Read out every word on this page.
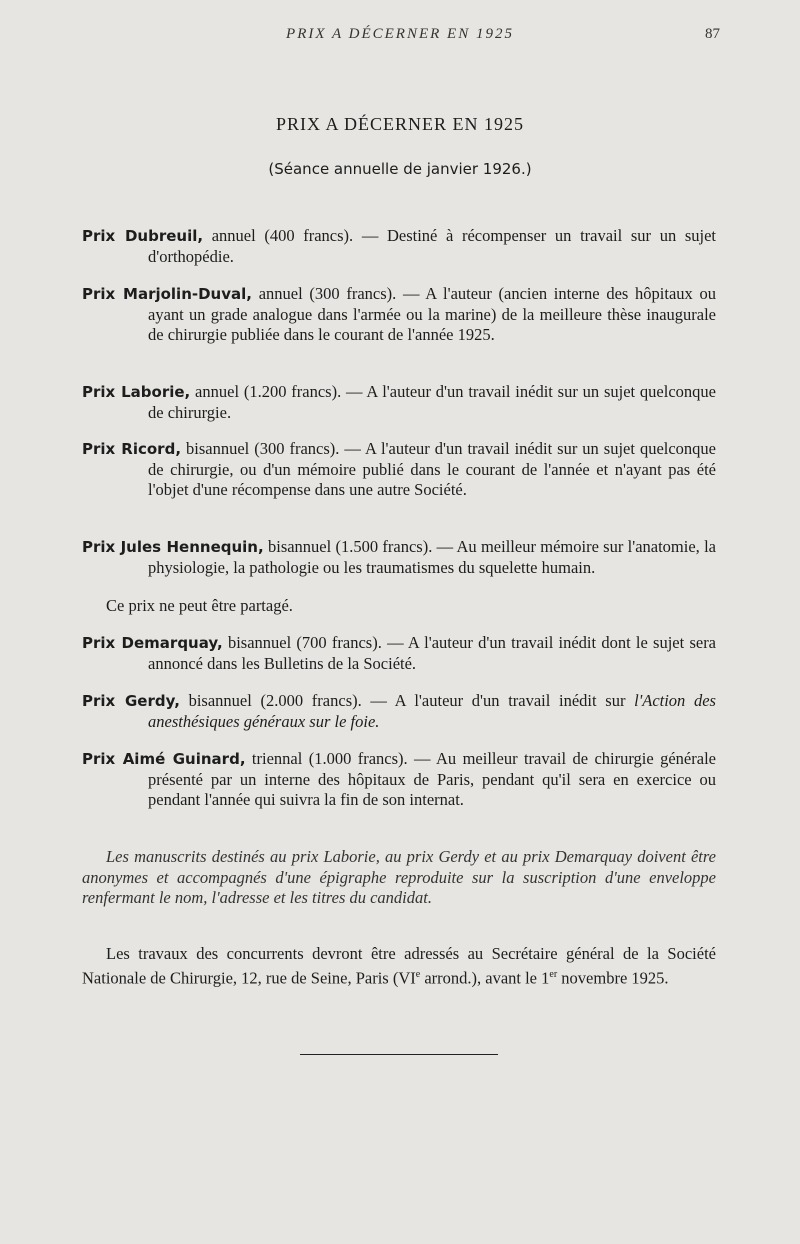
PRIX A DÉCERNER EN 1925	87
PRIX A DÉCERNER EN 1925
(Séance annuelle de janvier 1926.)

Prix Dubreuil, annuel (400 francs). — Destiné à récompenser un travail sur un sujet d'orthopédie.

Prix Marjolin-Duval, annuel (300 francs). — A l'auteur (ancien interne des hôpitaux ou ayant un grade analogue dans l'armée ou la marine) de la meilleure thèse inaugurale de chirurgie publiée dans le courant de l'année 1925.

Prix Laborie, annuel (1.200 francs). — A l'auteur d'un travail inédit sur un sujet quelconque de chirurgie.

Prix Ricord, bisannuel (300 francs). — A l'auteur d'un travail inédit sur un sujet quelconque de chirurgie, ou d'un mémoire publié dans le courant de l'année et n'ayant pas été l'objet d'une récompense dans une autre Société.

Prix Jules Hennequin, bisannuel (1.500 francs). — Au meilleur mémoire sur l'anatomie, la physiologie, la pathologie ou les traumatismes du squelette humain.

Ce prix ne peut être partagé.

Prix Demarquay, bisannuel (700 francs). — A l'auteur d'un travail inédit dont le sujet sera annoncé dans les Bulletins de la Société.

Prix Gerdy, bisannuel (2.000 francs). — A l'auteur d'un travail inédit sur l'Action des anesthésiques généraux sur le foie.

Prix Aimé Guinard, triennal (1.000 francs). — Au meilleur travail de chirurgie générale présenté par un interne des hôpitaux de Paris, pendant qu'il sera en exercice ou pendant l'année qui suivra la fin de son internat.

Les manuscrits destinés au prix Laborie, au prix Gerdy et au prix Demarquay doivent être anonymes et accompagnés d'une épigraphe reproduite sur la suscription d'une enveloppe renfermant le nom, l'adresse et les titres du candidat.

Les travaux des concurrents devront être adressés au Secrétaire général de la Société Nationale de Chirurgie, 12, rue de Seine, Paris (VIe arrond.), avant le 1er novembre 1925.
